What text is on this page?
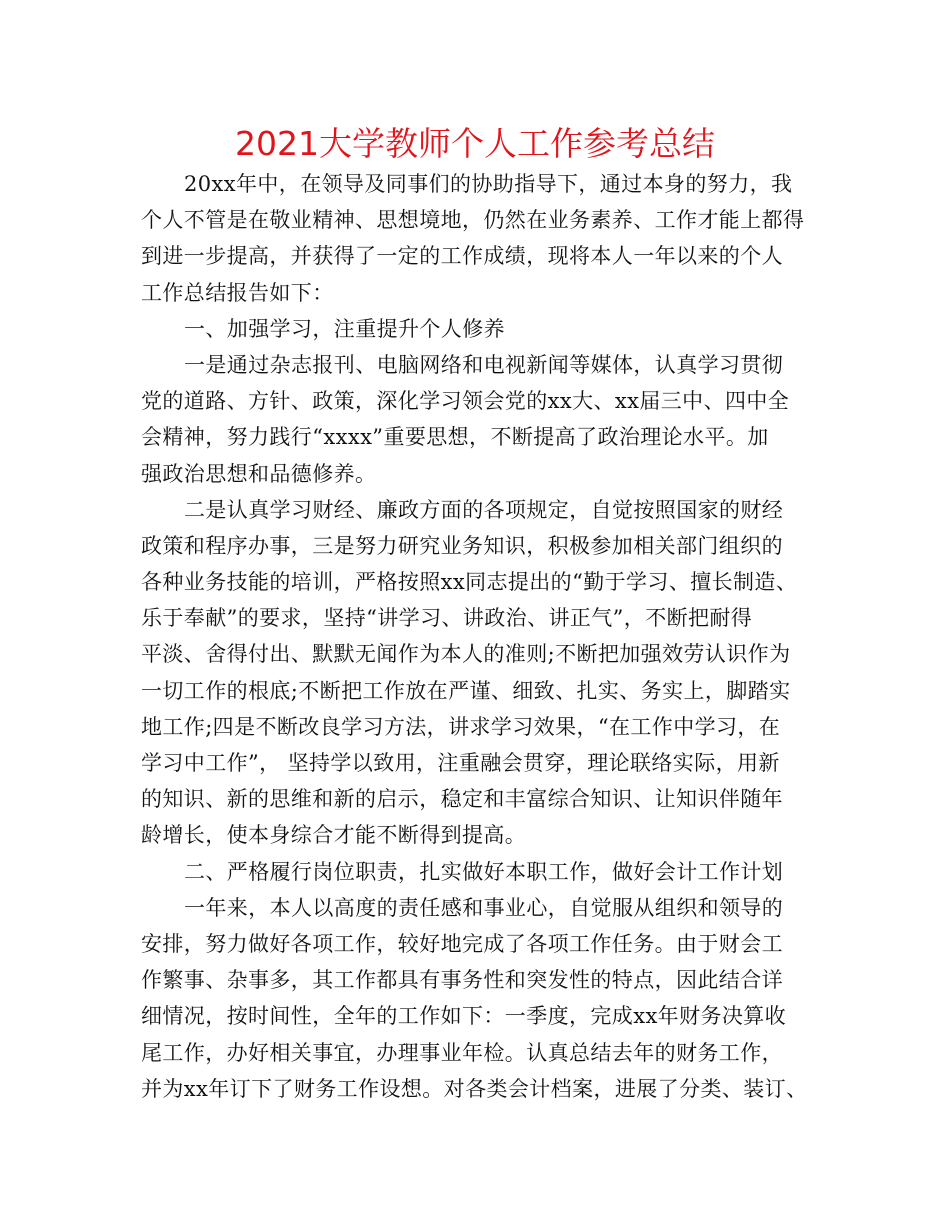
2021大学教师个人工作参考总结
20xx年中，在领导及同事们的协助指导下，通过本身的努力，我
个人不管是在敬业精神、思想境地，仍然在业务素养、工作才能上都得
到进一步提高，并获得了一定的工作成绩，现将本人一年以来的个人
工作总结报告如下：
一、加强学习，注重提升个人修养
一是通过杂志报刊、电脑网络和电视新闻等媒体，认真学习贯彻
党的道路、方针、政策，深化学习领会党的xx大、xx届三中、四中全
会精神，努力践行“xxxx”重要思想，不断提高了政治理论水平。加
强政治思想和品德修养。
二是认真学习财经、廉政方面的各项规定，自觉按照国家的财经
政策和程序办事，三是努力研究业务知识，积极参加相关部门组织的
各种业务技能的培训，严格按照xx同志提出的“勤于学习、擅长制造、
乐于奉献”的要求，坚持“讲学习、讲政治、讲正气”，不断把耐得
平淡、舍得付出、默默无闻作为本人的准则;不断把加强效劳认识作为
一切工作的根底;不断把工作放在严谨、细致、扎实、务实上，脚踏实
地工作;四是不断改良学习方法，讲求学习效果，“在工作中学习，在
学习中工作”， 坚持学以致用，注重融会贯穿，理论联络实际，用新
的知识、新的思维和新的启示，稳定和丰富综合知识、让知识伴随年
龄增长，使本身综合才能不断得到提高。
二、严格履行岗位职责，扎实做好本职工作，做好会计工作计划
一年来，本人以高度的责任感和事业心，自觉服从组织和领导的
安排，努力做好各项工作，较好地完成了各项工作任务。由于财会工
作繁事、杂事多，其工作都具有事务性和突发性的特点，因此结合详
细情况，按时间性，全年的工作如下：一季度，完成xx年财务决算收
尾工作，办好相关事宜，办理事业年检。认真总结去年的财务工作，
并为xx年订下了财务工作设想。对各类会计档案，进展了分类、装订、
